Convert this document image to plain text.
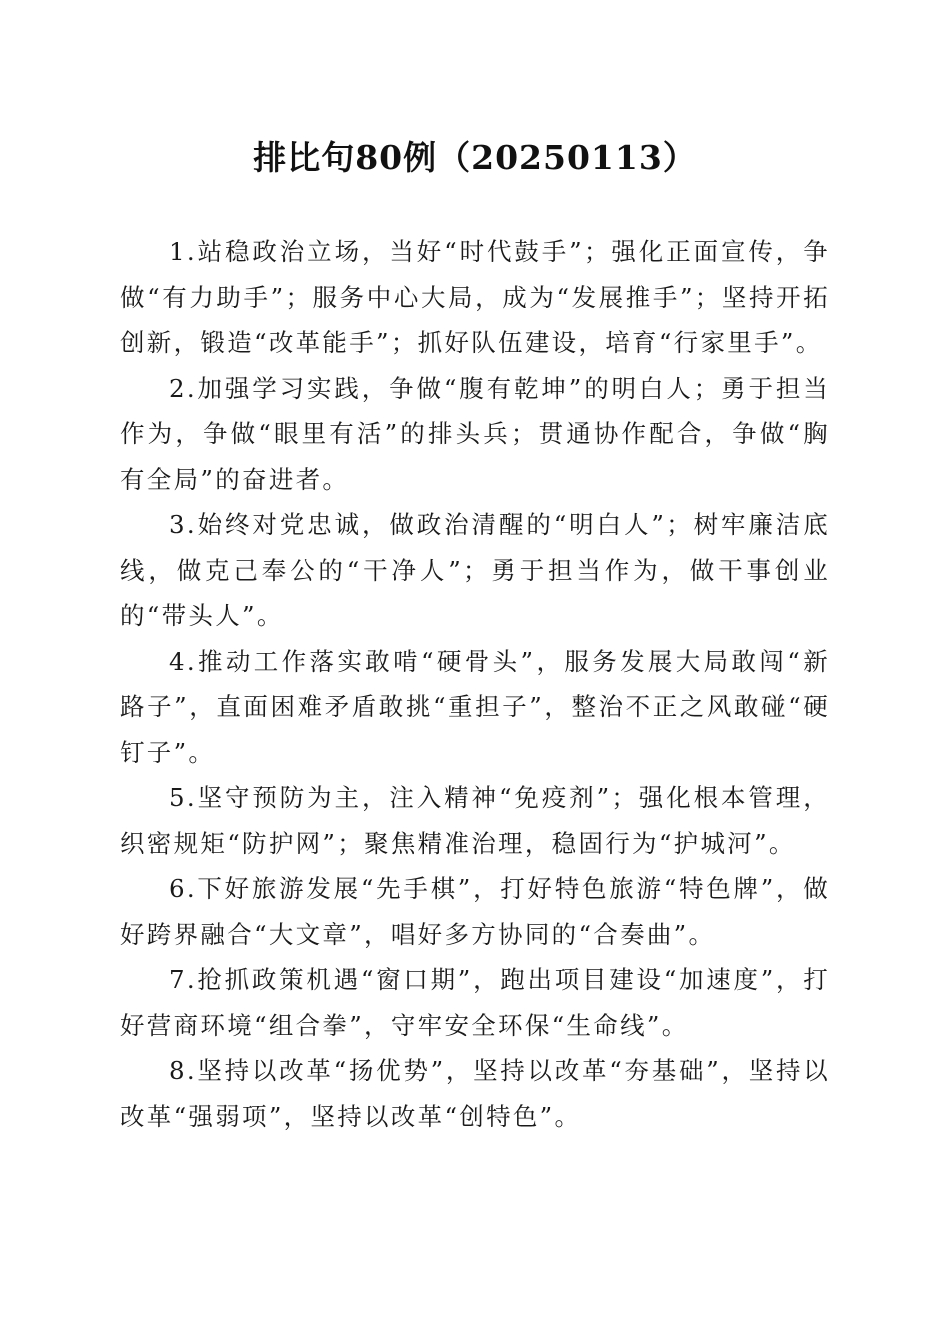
排比句80例（20250113）

1.站稳政治立场，当好“时代鼓手”；强化正面宣传，争做“有力助手”；服务中心大局，成为“发展推手”；坚持开拓创新，锻造“改革能手”；抓好队伍建设，培育“行家里手”。

2.加强学习实践，争做“腹有乾坤”的明白人；勇于担当作为，争做“眼里有活”的排头兵；贯通协作配合，争做“胸有全局”的奋进者。

3.始终对党忠诚，做政治清醒的“明白人”；树牢廉洁底线，做克己奉公的“干净人”；勇于担当作为，做干事创业的“带头人”。

4.推动工作落实敢啃“硬骨头”，服务发展大局敢闯“新路子”，直面困难矛盾敢挑“重担子”，整治不正之风敢碰“硬钉子”。

5.坚守预防为主，注入精神“免疫剂”；强化根本管理，织密规矩“防护网”；聚焦精准治理，稳固行为“护城河”。

6.下好旅游发展“先手棋”，打好特色旅游“特色牌”，做好跨界融合“大文章”，唱好多方协同的“合奏曲”。

7.抢抓政策机遇“窗口期”，跑出项目建设“加速度”，打好营商环境“组合拳”，守牢安全环保“生命线”。

8.坚持以改革“扬优势”，坚持以改革“夯基础”，坚持以改革“强弱项”，坚持以改革“创特色”。
